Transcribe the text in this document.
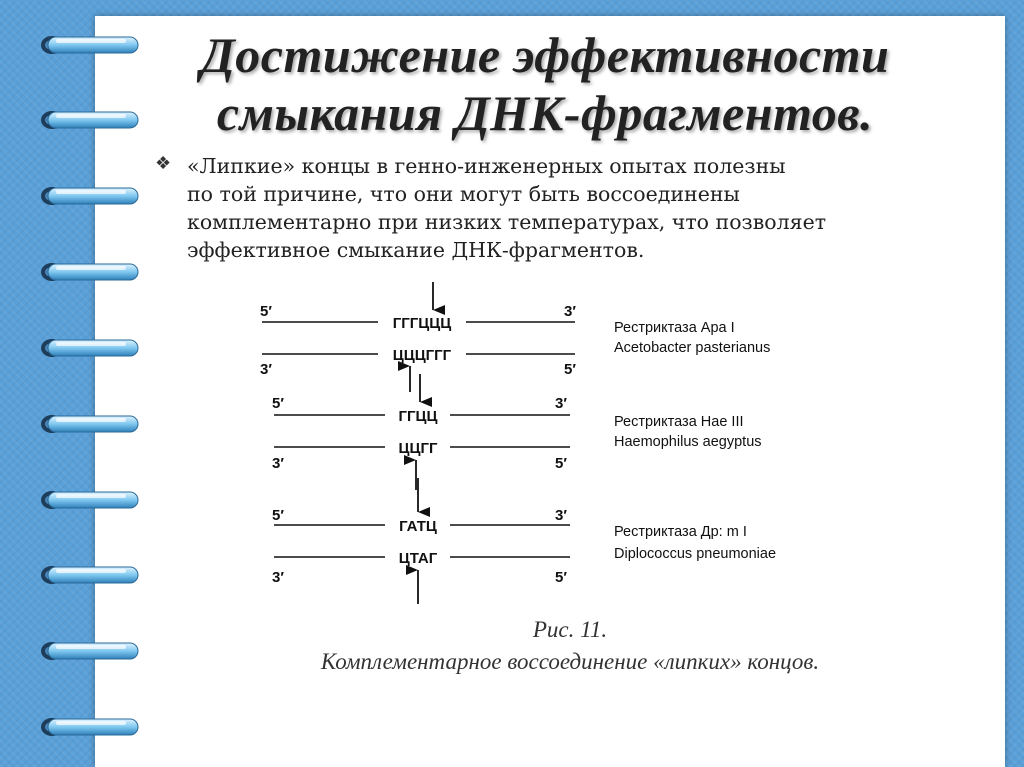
Достижение эффективности
смыкания ДНК-фрагментов.
❖ «Липкие» концы в генно-инженерных опытах полезны
по той причине, что они могут быть воссоединены
комплементарно при низких температурах, что позволяет
эффективное смыкание ДНК-фрагментов.

5′	3′
3′	5′
ГГГЦЦЦ
ЦЦЦГГГ
Рестриктаза Ара I
Acetobacter pasterianus
5′	3′
3′	5′
ГГЦЦ
ЦЦГГ
Рестриктаза Нае III
Haemophilus aegyptus
5′	3′
3′	5′
ГАТЦ
ЦТАГ
Рестриктаза Др: m I
Diplococcus pneumoniae
Рис. 11.
Комплементарное воссоединение «липких» концов.
